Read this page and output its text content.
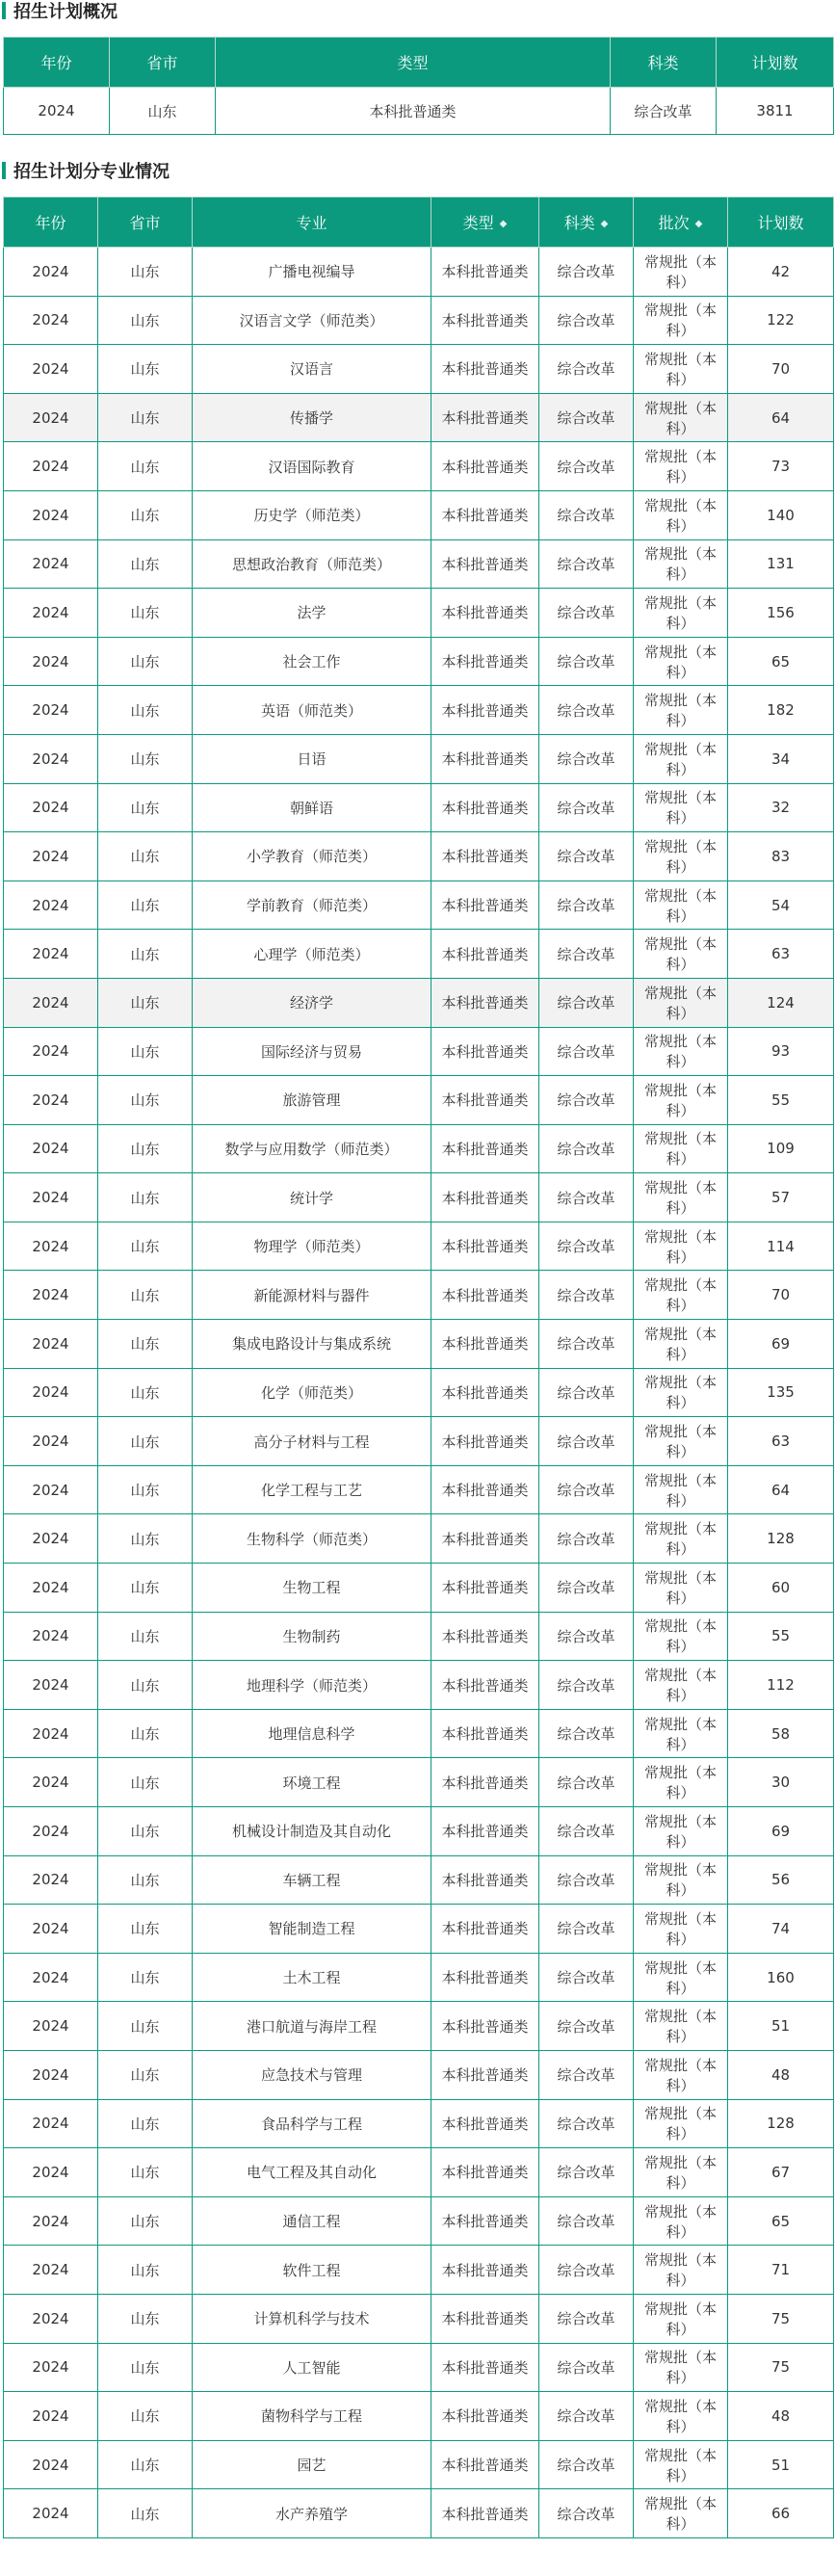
招生计划概况
年份	省市	类型	科类	计划数
2024	山东	本科批普通类	综合改革	3811
招生计划分专业情况
年份	省市	专业	类型 ◆	科类 ◆	批次 ◆	计划数
2024	山东	广播电视编导	本科批普通类	综合改革	常规批（本科）	42
2024	山东	汉语言文学（师范类）	本科批普通类	综合改革	常规批（本科）	122
2024	山东	汉语言	本科批普通类	综合改革	常规批（本科）	70
2024	山东	传播学	本科批普通类	综合改革	常规批（本科）	64
2024	山东	汉语国际教育	本科批普通类	综合改革	常规批（本科）	73
2024	山东	历史学（师范类）	本科批普通类	综合改革	常规批（本科）	140
2024	山东	思想政治教育（师范类）	本科批普通类	综合改革	常规批（本科）	131
2024	山东	法学	本科批普通类	综合改革	常规批（本科）	156
2024	山东	社会工作	本科批普通类	综合改革	常规批（本科）	65
2024	山东	英语（师范类）	本科批普通类	综合改革	常规批（本科）	182
2024	山东	日语	本科批普通类	综合改革	常规批（本科）	34
2024	山东	朝鲜语	本科批普通类	综合改革	常规批（本科）	32
2024	山东	小学教育（师范类）	本科批普通类	综合改革	常规批（本科）	83
2024	山东	学前教育（师范类）	本科批普通类	综合改革	常规批（本科）	54
2024	山东	心理学（师范类）	本科批普通类	综合改革	常规批（本科）	63
2024	山东	经济学	本科批普通类	综合改革	常规批（本科）	124
2024	山东	国际经济与贸易	本科批普通类	综合改革	常规批（本科）	93
2024	山东	旅游管理	本科批普通类	综合改革	常规批（本科）	55
2024	山东	数学与应用数学（师范类）	本科批普通类	综合改革	常规批（本科）	109
2024	山东	统计学	本科批普通类	综合改革	常规批（本科）	57
2024	山东	物理学（师范类）	本科批普通类	综合改革	常规批（本科）	114
2024	山东	新能源材料与器件	本科批普通类	综合改革	常规批（本科）	70
2024	山东	集成电路设计与集成系统	本科批普通类	综合改革	常规批（本科）	69
2024	山东	化学（师范类）	本科批普通类	综合改革	常规批（本科）	135
2024	山东	高分子材料与工程	本科批普通类	综合改革	常规批（本科）	63
2024	山东	化学工程与工艺	本科批普通类	综合改革	常规批（本科）	64
2024	山东	生物科学（师范类）	本科批普通类	综合改革	常规批（本科）	128
2024	山东	生物工程	本科批普通类	综合改革	常规批（本科）	60
2024	山东	生物制药	本科批普通类	综合改革	常规批（本科）	55
2024	山东	地理科学（师范类）	本科批普通类	综合改革	常规批（本科）	112
2024	山东	地理信息科学	本科批普通类	综合改革	常规批（本科）	58
2024	山东	环境工程	本科批普通类	综合改革	常规批（本科）	30
2024	山东	机械设计制造及其自动化	本科批普通类	综合改革	常规批（本科）	69
2024	山东	车辆工程	本科批普通类	综合改革	常规批（本科）	56
2024	山东	智能制造工程	本科批普通类	综合改革	常规批（本科）	74
2024	山东	土木工程	本科批普通类	综合改革	常规批（本科）	160
2024	山东	港口航道与海岸工程	本科批普通类	综合改革	常规批（本科）	51
2024	山东	应急技术与管理	本科批普通类	综合改革	常规批（本科）	48
2024	山东	食品科学与工程	本科批普通类	综合改革	常规批（本科）	128
2024	山东	电气工程及其自动化	本科批普通类	综合改革	常规批（本科）	67
2024	山东	通信工程	本科批普通类	综合改革	常规批（本科）	65
2024	山东	软件工程	本科批普通类	综合改革	常规批（本科）	71
2024	山东	计算机科学与技术	本科批普通类	综合改革	常规批（本科）	75
2024	山东	人工智能	本科批普通类	综合改革	常规批（本科）	75
2024	山东	菌物科学与工程	本科批普通类	综合改革	常规批（本科）	48
2024	山东	园艺	本科批普通类	综合改革	常规批（本科）	51
2024	山东	水产养殖学	本科批普通类	综合改革	常规批（本科）	66
